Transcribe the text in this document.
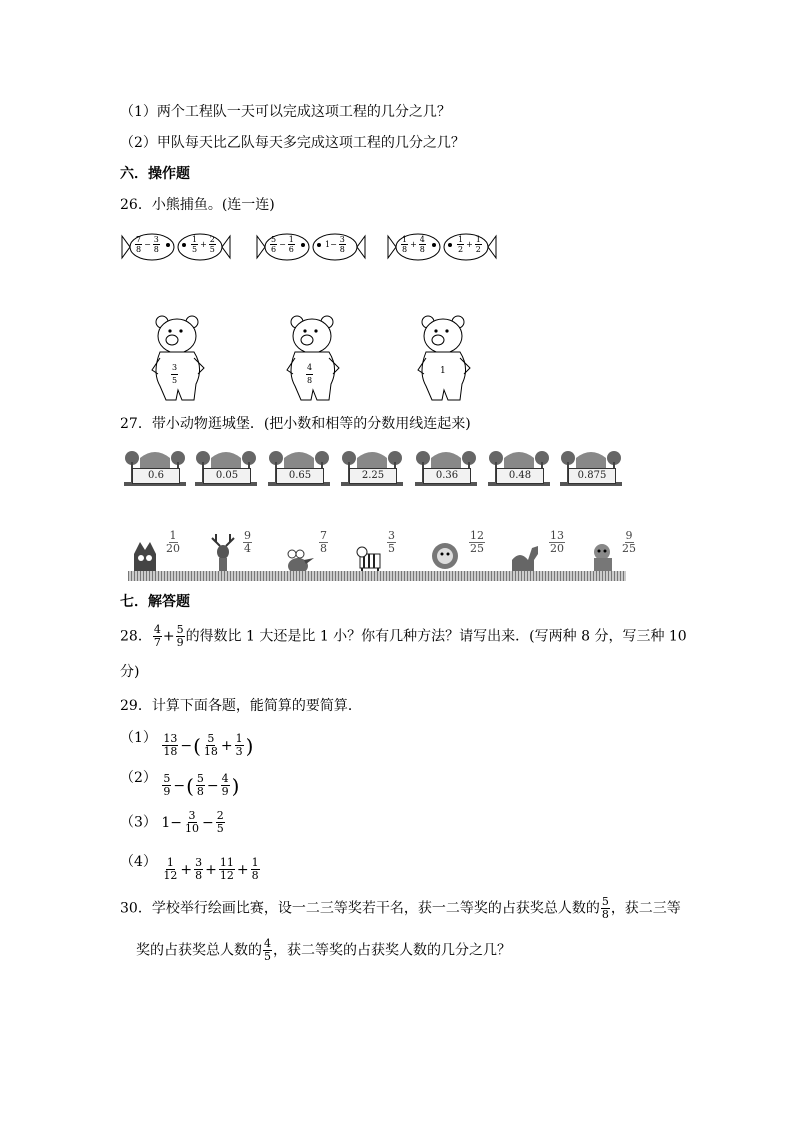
（1）两个工程队一天可以完成这项工程的几分之几？
（2）甲队每天比乙队每天多完成这项工程的几分之几？
六．操作题
26．小熊捕鱼。(连一连)
$\frac{7}{8} - \frac{3}{8}$	$\frac{1}{5} + \frac{2}{5}$	$\frac{5}{6} - \frac{1}{6}$	$1- \frac{3}{8}$	$\frac{1}{8} + \frac{4}{8}$	$\frac{1}{2} + \frac{1}{2}$
$\frac{3}{5}$	$\frac{4}{8}$	1
27．带小动物逛城堡．(把小数和相等的分数用线连起来)
0.6	0.05	0.65	2.25	0.36	0.48	0.875
$\frac{1}{20}$	$\frac{9}{4}$	$\frac{7}{8}$	$\frac{3}{5}$	$\frac{12}{25}$	$\frac{13}{20}$	$\frac{9}{25}$
七．解答题
28． $\frac{4}{7} + \frac{5}{9}$ 的得数比 1 大还是比 1 小？你有几种方法？请写出来．(写两种 8 分，写三种 10
分)
29．计算下面各题，能简算的要简算．
$(1) \frac{13}{18}$ − ( $\frac{5}{18} + \frac{1}{3}$ )
$(2) \frac{5}{9}$ − ( $\frac{5}{8} - \frac{4}{9}$ )
（3） $1- \frac{3}{10} - \frac{2}{5}$
$(4) \frac{1}{12} + \frac{3}{8} + \frac{11}{12} + \frac{1}{8}$
30．学校举行绘画比赛，设一二三等奖若干名，获一二等奖的占获奖总人数的 $\frac{5}{8}$ ，获二三等
奖的占获奖总人数的 $\frac{4}{5}$ ，获二等奖的占获奖人数的几分之几？
